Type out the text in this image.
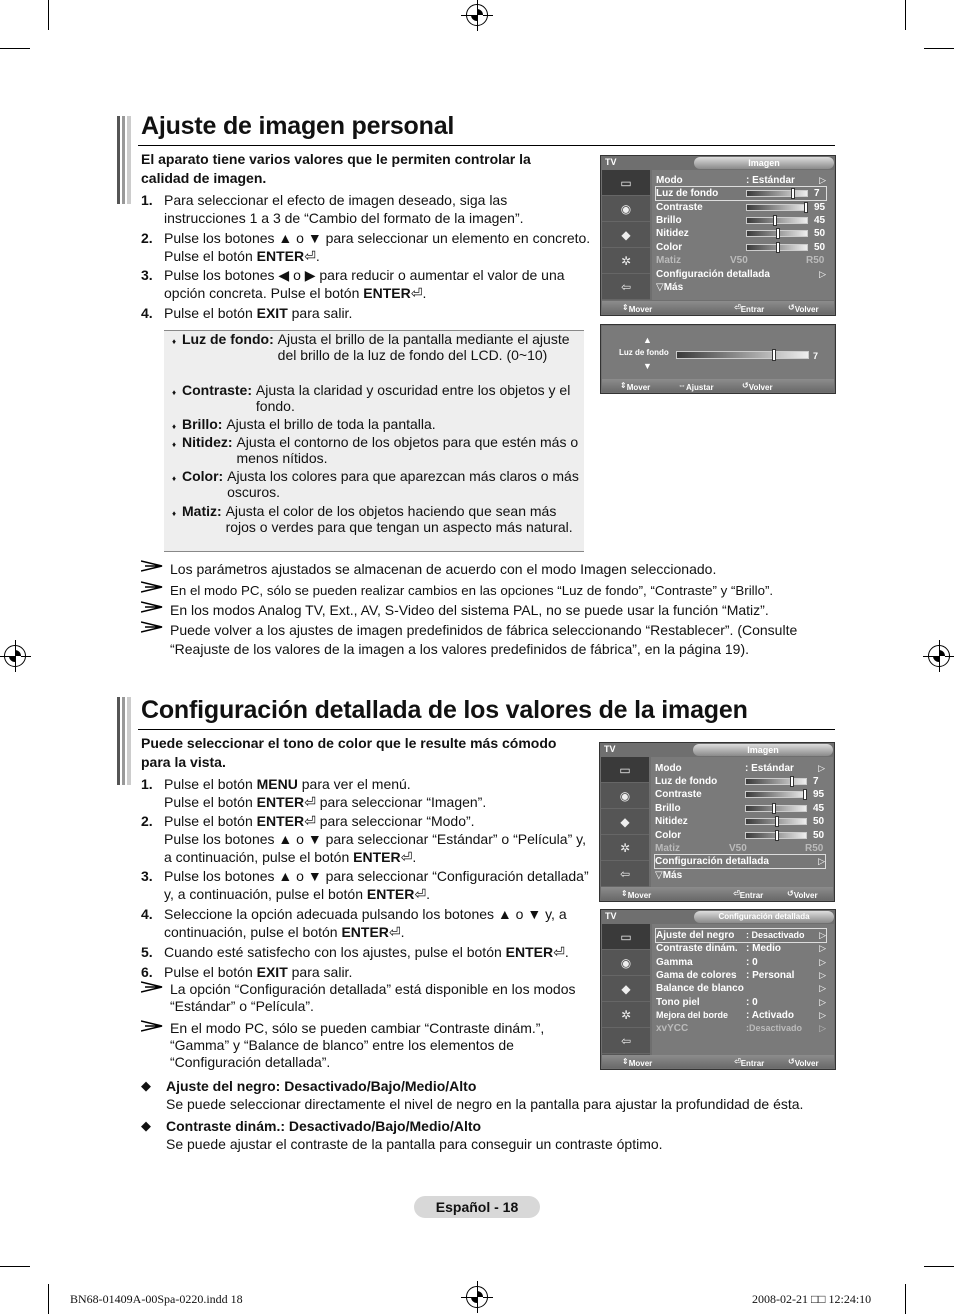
Ajuste de imagen personal
El aparato tiene varios valores que le permiten controlar la calidad de imagen.
1. Para seleccionar el efecto de imagen deseado, siga las instrucciones 1 a 3 de “Cambio del formato de la imagen”.
2. Pulse los botones ▲ o ▼ para seleccionar un elemento en concreto. Pulse el botón ENTER⏎.
3. Pulse los botones ◀ o ▶ para reducir o aumentar el valor de una opción concreta. Pulse el botón ENTER⏎.
4. Pulse el botón EXIT para salir.
♦ Luz de fondo:
Ajusta el brillo de la pantalla mediante el ajuste del brillo de la luz de fondo del LCD. (0~10)
♦ Contraste:
Ajusta la claridad y oscuridad entre los objetos y el fondo.
♦ Brillo:
Ajusta el brillo de toda la pantalla.
♦ Nitidez:
Ajusta el contorno de los objetos para que estén más o menos nítidos.
♦ Color:
Ajusta los colores para que aparezcan más claros o más oscuros.
♦ Matiz:
Ajusta el color de los objetos haciendo que sean más rojos o verdes para que tengan un aspecto más natural.
Los parámetros ajustados se almacenan de acuerdo con el modo Imagen seleccionado.
En el modo PC, sólo se pueden realizar cambios en las opciones “Luz de fondo”, “Contraste” y “Brillo”.
En los modos Analog TV, Ext., AV, S-Video del sistema PAL, no se puede usar la función “Matiz”.
Puede volver a los ajustes de imagen predefinidos de fábrica seleccionando “Restablecer”. (Consulte “Reajuste de los valores de la imagen a los valores predefinidos de fábrica”, en la página 19).
TV	Imagen
▭
◉
◆
✲
⇦
Modo	: Estándar	▷
Luz de fondo	7
Contraste	95
Brillo	45
Nitidez	50
Color	50
Matiz	V50	R50
Configuración detallada	▷
▽Más
⇕ Mover	⏎ Entrar	↺ Volver
▲
Luz de fondo	7
▼
⇕ Mover	⇔ Ajustar	↺ Volver
Configuración detallada de los valores de la imagen
Puede seleccionar el tono de color que le resulte más cómodo para la vista.
1. Pulse el botón MENU para ver el menú.
Pulse el botón ENTER⏎ para seleccionar “Imagen”.
2. Pulse el botón ENTER⏎ para seleccionar “Modo”.
Pulse los botones ▲ o ▼ para seleccionar “Estándar” o “Película” y, a continuación, pulse el botón ENTER⏎.
3. Pulse los botones ▲ o ▼ para seleccionar “Configuración detallada” y, a continuación, pulse el botón ENTER⏎.
4. Seleccione la opción adecuada pulsando los botones ▲ o ▼ y, a continuación, pulse el botón ENTER⏎.
5. Cuando esté satisfecho con los ajustes, pulse el botón ENTER⏎.
6. Pulse el botón EXIT para salir.
La opción “Configuración detallada” está disponible en los modos “Estándar” o “Película”.
En el modo PC, sólo se pueden cambiar “Contraste dinám.”, “Gamma” y “Balance de blanco” entre los elementos de “Configuración detallada”.
◆	Ajuste del negro: Desactivado/Bajo/Medio/Alto
Se puede seleccionar directamente el nivel de negro en la pantalla para ajustar la profundidad de ésta.
◆	Contraste dinám.: Desactivado/Bajo/Medio/Alto
Se puede ajustar el contraste de la pantalla para conseguir un contraste óptimo.
TV	Imagen
▭
◉
◆
✲
⇦
Modo	: Estándar	▷
Luz de fondo	7
Contraste	95
Brillo	45
Nitidez	50
Color	50
Matiz	V50	R50
Configuración detallada	▷
▽Más
⇕ Mover	⏎ Entrar	↺ Volver
TV	Configuración detallada
▭
◉
◆
✲
⇦
Ajuste del negro : Desactivado ▷
Contraste dinám. : Medio	▷
Gamma	: 0	▷
Gama de colores : Personal	▷
Balance de blanco	▷
Tono piel	: 0	▷
Mejora del borde : Activado	▷
xvYCC	:Desactivado ▷
⇕ Mover	⏎ Entrar	↺ Volver
Español - 18
BN68-01409A-00Spa-0220.indd 18	2008-02-21 □□ 12:24:10
